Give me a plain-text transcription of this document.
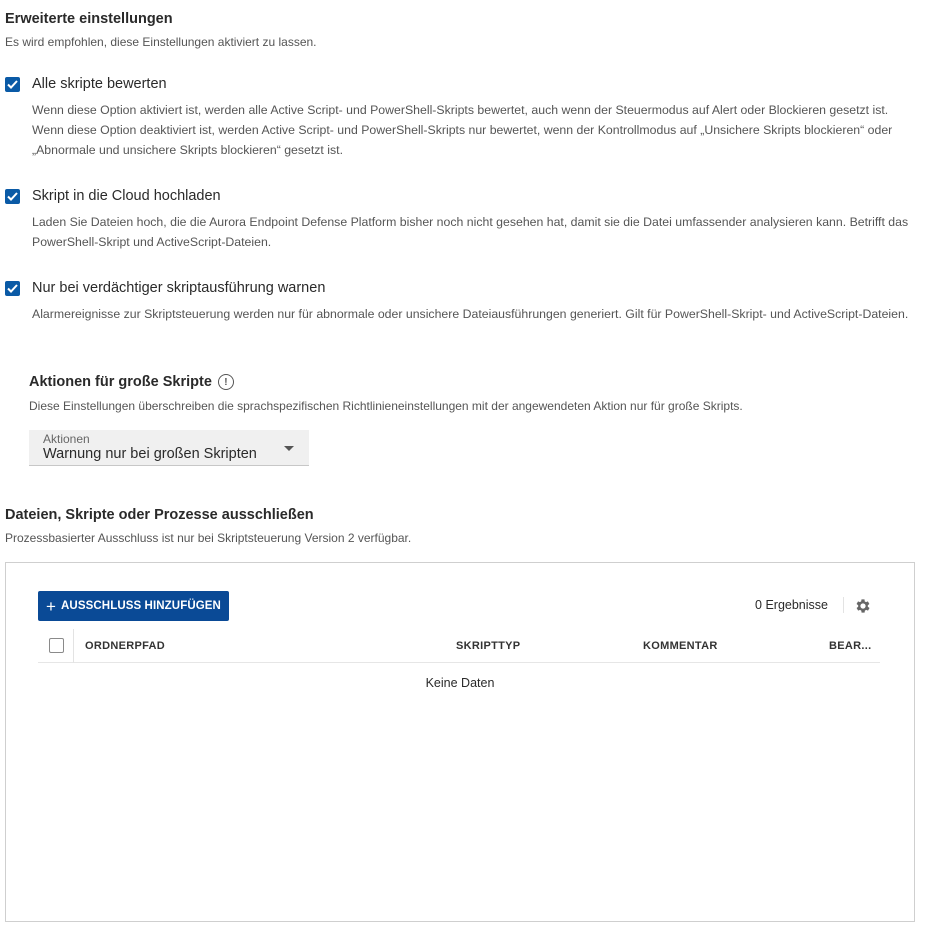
Erweiterte einstellungen
Es wird empfohlen, diese Einstellungen aktiviert zu lassen.
Alle skripte bewerten
Wenn diese Option aktiviert ist, werden alle Active Script- und PowerShell-Skripts bewertet, auch wenn der Steuermodus auf Alert oder Blockieren gesetzt ist. Wenn diese Option deaktiviert ist, werden Active Script- und PowerShell-Skripts nur bewertet, wenn der Kontrollmodus auf „Unsichere Skripts blockieren“ oder „Abnormale und unsichere Skripts blockieren“ gesetzt ist.
Skript in die Cloud hochladen
Laden Sie Dateien hoch, die die Aurora Endpoint Defense Platform bisher noch nicht gesehen hat, damit sie die Datei umfassender analysieren kann. Betrifft das PowerShell-Skript und ActiveScript-Dateien.
Nur bei verdächtiger skriptausführung warnen
Alarmereignisse zur Skriptsteuerung werden nur für abnormale oder unsichere Dateiausführungen generiert. Gilt für PowerShell-Skript- und ActiveScript-Dateien.
Aktionen für große Skripte	!
Diese Einstellungen überschreiben die sprachspezifischen Richtlinieneinstellungen mit der angewendeten Aktion nur für große Skripts.
Aktionen
Warnung nur bei großen Skripten
Dateien, Skripte oder Prozesse ausschließen
Prozessbasierter Ausschluss ist nur bei Skriptsteuerung Version 2 verfügbar.
+ AUSSCHLUSS HINZUFÜGEN	0 Ergebnisse
ORDNERPFAD	SKRIPTTYP	KOMMENTAR	BEAR...
Keine Daten
